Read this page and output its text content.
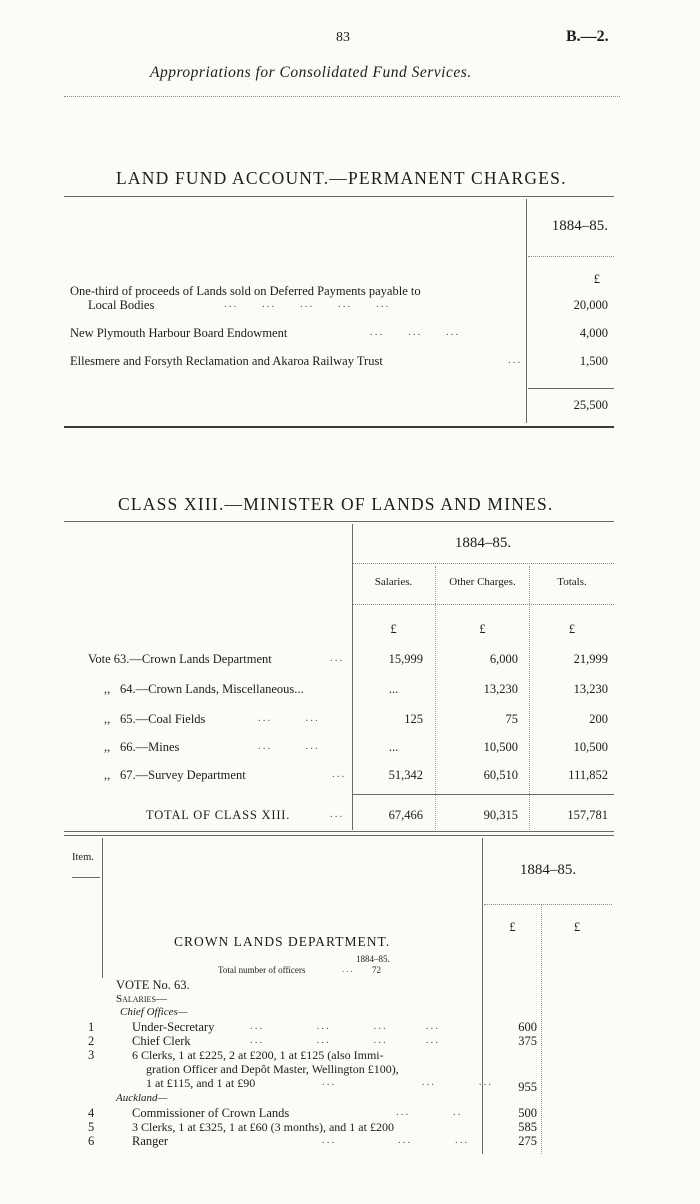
83	B.—2.
Appropriations for Consolidated Fund Services.
LAND FUND ACCOUNT.—PERMANENT CHARGES.
1884–85.
£
One-third of proceeds of Lands sold on Deferred Payments payable to
Local Bodies	...     ...     ...     ...     ...	20,000
New Plymouth Harbour Board Endowment	...     ...     ...	4,000
Ellesmere and Forsyth Reclamation and Akaroa Railway Trust	...	1,500
25,500
CLASS XIII.—MINISTER OF LANDS AND MINES.
1884–85.
Salaries.	Other Charges.	Totals.
£	£	£
Vote 63.—Crown Lands Department	...	15,999	6,000	21,999
,, 64.—Crown Lands, Miscellaneous...	...	13,230	13,230
,, 65.—Coal Fields	...       ...	125	75	200
,, 66.—Mines	...       ...	...	10,500	10,500
,, 67.—Survey Department	...	51,342	60,510	111,852
TOTAL OF CLASS XIII.	...	67,466	90,315	157,781
Item.
1884–85.
£	£
CROWN LANDS DEPARTMENT.
1884–85.
Total number of officers	... 72
VOTE No. 63.
Salaries—
Chief Offices—
1	Under-Secretary	...           ...         ...        ...	600
2	Chief Clerk	...           ...         ...        ...	375
3	6 Clerks, 1 at £225, 2 at £200, 1 at £125 (also Immi-
gration Officer and Depôt Master, Wellington £100),
1 at £115, and 1 at £90	...                  ...         ...	955
Auckland—
4	Commissioner of Crown Lands	...         ..	500
5	3 Clerks, 1 at £325, 1 at £60 (3 months), and 1 at £200	585
6	Ranger	...             ...         ...	275
